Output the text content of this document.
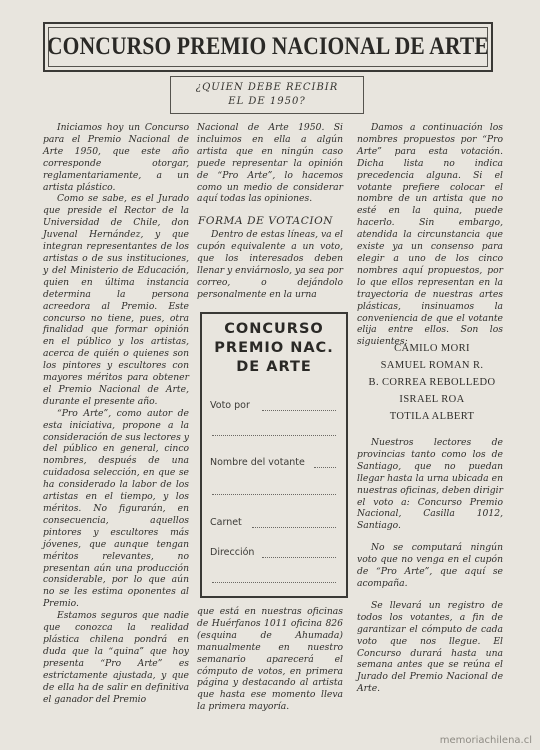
CONCURSO PREMIO NACIONAL DE ARTE
¿QUIEN DEBE RECIBIR
EL DE 1950?

Iniciamos hoy un Concurso para el Premio Nacional de Arte 1950, que este año corresponde otorgar, reglamentariamente, a un artista plástico.

Como se sabe, es el Jurado que preside el Rector de la Universidad de Chile, don Juvenal Hernández, y que integran representantes de los artistas o de sus instituciones, y del Ministerio de Educación, quien en última instancia determina la persona acreedora al Premio. Este concurso no tiene, pues, otra finalidad que formar opinión en el público y los artistas, acerca de quién o quienes son los pintores y escultores con mayores méritos para obtener el Premio Nacional de Arte, durante el presente año.

“Pro Arte”, como autor de esta iniciativa, propone a la consideración de sus lectores y del público en general, cinco nombres, después de una cuidadosa selección, en que se ha considerado la labor de los artistas en el tiempo, y los méritos. No figurarán, en consecuencia, aquellos pintores y escultores más jóvenes, que aunque tengan méritos relevantes, no presentan aún una producción considerable, por lo que aún no se les estima oponentes al Premio.

Estamos seguros que nadie que conozca la realidad plástica chilena pondrá en duda que la “quina” que hoy presenta “Pro Arte” es estrictamente ajustada, y que de ella ha de salir en definitiva el ganador del Premio

Nacional de Arte 1950. Si incluimos en ella a algún artista que en ningún caso puede representar la opinión de “Pro Arte”, lo hacemos como un medio de considerar aquí todas las opiniones.

FORMA DE VOTACION

Dentro de estas líneas, va el cupón equivalente a un voto, que los interesados deben llenar y enviárnoslo, ya sea por correo, o dejándolo personalmente en la urna

CONCURSO
PREMIO NAC.
DE ARTE
Voto por
Nombre del votante
Carnet
Dirección

que está en nuestras oficinas de Huérfanos 1011 oficina 826 (esquina de Ahumada) manualmente en nuestro semanario aparecerá el cómputo de votos, en primera página y destacando al artista que hasta ese momento lleva la primera mayoría.

Damos a continuación los nombres propuestos por “Pro Arte” para esta votación. Dicha lista no indica precedencia alguna. Si el votante prefiere colocar el nombre de un artista que no esté en la quina, puede hacerlo. Sin embargo, atendida la circunstancia que existe ya un consenso para elegir a uno de los cinco nombres aquí propuestos, por lo que ellos representan en la trayectoria de nuestras artes plásticas, insinuamos la conveniencia de que el votante elija entre ellos. Son los siguientes:

CAMILO MORI
SAMUEL ROMAN R.
B. CORREA REBOLLEDO
ISRAEL ROA
TOTILA ALBERT

Nuestros lectores de provincias tanto como los de Santiago, que no puedan llegar hasta la urna ubicada en nuestras oficinas, deben dirigir el voto a: Concurso Premio Nacional, Casilla 1012, Santiago.

No se computará ningún voto que no venga en el cupón de “Pro Arte”, que aquí se acompaña.

Se llevará un registro de todos los votantes, a fin de garantizar el cómputo de cada voto que nos llegue. El Concurso durará hasta una semana antes que se reúna el Jurado del Premio Nacional de Arte.

memoriachilena.cl
